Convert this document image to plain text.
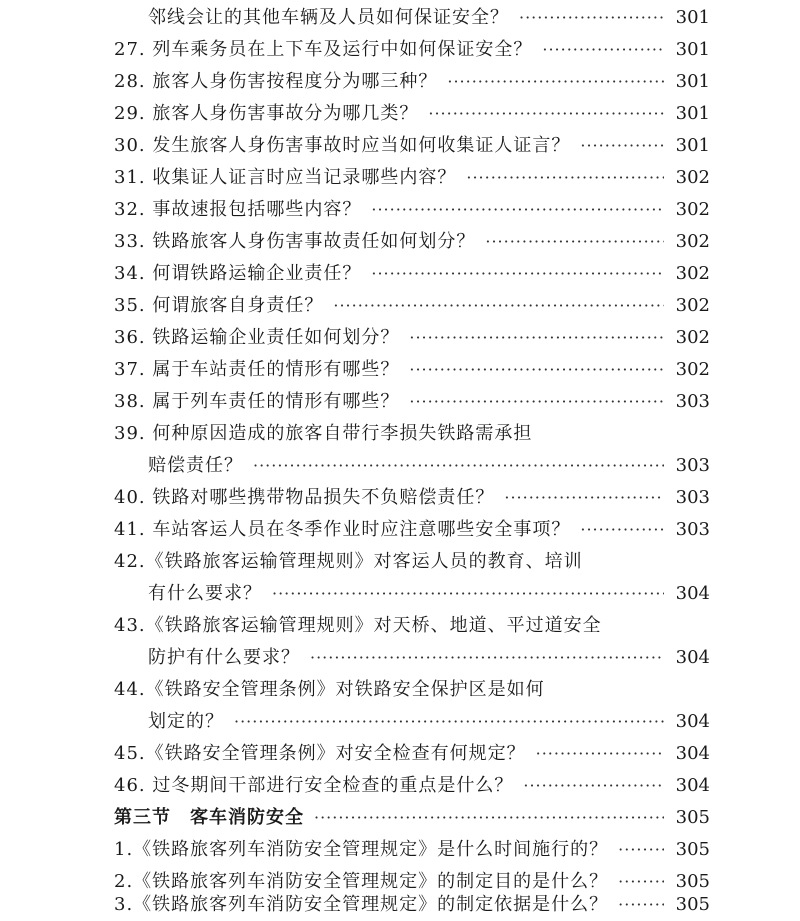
邻线会让的其他车辆及人员如何保证安全？ ·····	301
27. 列车乘务员在上下车及运行中如何保证安全？ ·····	301
28. 旅客人身伤害按程度分为哪三种？ ·····	301
29. 旅客人身伤害事故分为哪几类？ ·····	301
30. 发生旅客人身伤害事故时应当如何收集证人证言？ ·····	301
31. 收集证人证言时应当记录哪些内容？ ·····	302
32. 事故速报包括哪些内容？ ·····	302
33. 铁路旅客人身伤害事故责任如何划分？ ·····	302
34. 何谓铁路运输企业责任？ ·····	302
35. 何谓旅客自身责任？ ·····	302
36. 铁路运输企业责任如何划分？ ·····	302
37. 属于车站责任的情形有哪些？ ·····	302
38. 属于列车责任的情形有哪些？ ·····	303
39. 何种原因造成的旅客自带行李损失铁路需承担
赔偿责任？ ·····	303
40. 铁路对哪些携带物品损失不负赔偿责任？ ·····	303
41. 车站客运人员在冬季作业时应注意哪些安全事项？ ·····	303
42.《铁路旅客运输管理规则》对客运人员的教育、培训
有什么要求？ ·····	304
43.《铁路旅客运输管理规则》对天桥、地道、平过道安全
防护有什么要求？ ·····	304
44.《铁路安全管理条例》对铁路安全保护区是如何
划定的？ ·····	304
45.《铁路安全管理条例》对安全检查有何规定？ ·····	304
46. 过冬期间干部进行安全检查的重点是什么？ ·····	304
第三节　客车消防安全 ·····	305
1.《铁路旅客列车消防安全管理规定》是什么时间施行的？ ·····	305
2.《铁路旅客列车消防安全管理规定》的制定目的是什么？ ·····	305
3.《铁路旅客列车消防安全管理规定》的制定依据是什么？ ·····	305
